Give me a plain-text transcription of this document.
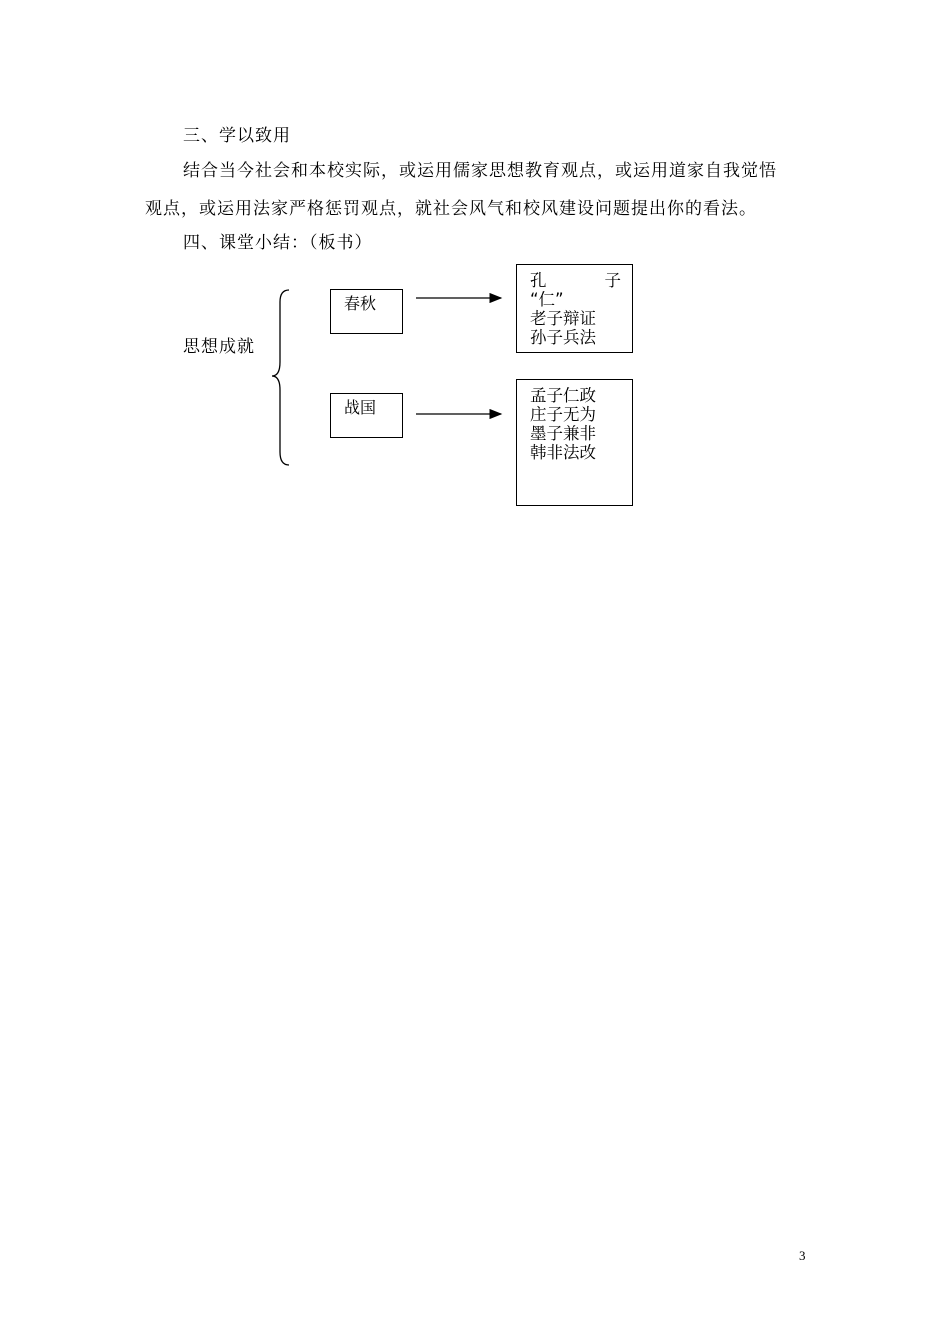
三、学以致用
结合当今社会和本校实际，或运用儒家思想教育观点，或运用道家自我觉悟
观点，或运用法家严格惩罚观点，就社会风气和校风建设问题提出你的看法。
四、课堂小结：（板书）
思想成就
春秋
战国
孔	子
“仁”
老子辩证
孙子兵法
孟子仁政
庄子无为
墨子兼非
韩非法改
3
